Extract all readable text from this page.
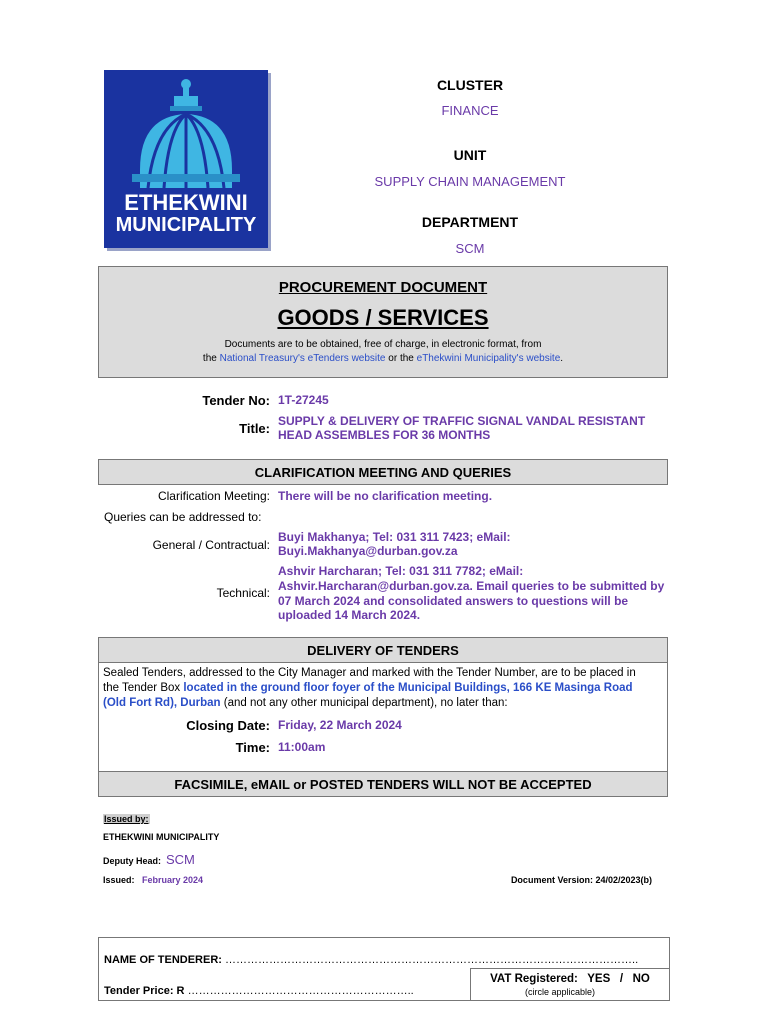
ETHEKWINI
MUNICIPALITY
CLUSTER
FINANCE
UNIT
SUPPLY CHAIN MANAGEMENT
DEPARTMENT
SCM
PROCUREMENT DOCUMENT
GOODS / SERVICES
Documents are to be obtained, free of charge, in electronic format, from
the National Treasury's eTenders website or the eThekwini Municipality's website.
Tender No: 1T-27245
Title: SUPPLY & DELIVERY OF TRAFFIC SIGNAL VANDAL RESISTANT
HEAD ASSEMBLES FOR 36 MONTHS
CLARIFICATION MEETING AND QUERIES
Clarification Meeting: There will be no clarification meeting.
Queries can be addressed to:
General / Contractual:
Buyi Makhanya; Tel: 031 311 7423; eMail:
Buyi.Makhanya@durban.gov.za
Technical:
Ashvir Harcharan; Tel: 031 311 7782; eMail:
Ashvir.Harcharan@durban.gov.za. Email queries to be submitted by
07 March 2024 and consolidated answers to questions will be
uploaded 14 March 2024.
DELIVERY OF TENDERS
Sealed Tenders, addressed to the City Manager and marked with the Tender Number, are to be placed in
the Tender Box located in the ground floor foyer of the Municipal Buildings, 166 KE Masinga Road
(Old Fort Rd), Durban (and not any other municipal department), no later than:
Closing Date: Friday, 22 March 2024
Time: 11:00am
FACSIMILE, eMAIL or POSTED TENDERS WILL NOT BE ACCEPTED
Issued by:
ETHEKWINI MUNICIPALITY
Deputy Head: SCM
Issued: February 2024	Document Version: 24/02/2023(b)
NAME OF TENDERER: …………………………………………………………………………………………………..
Tender Price: R ……………………………………………………..
VAT Registered:   YES   /   NO
(circle applicable)
